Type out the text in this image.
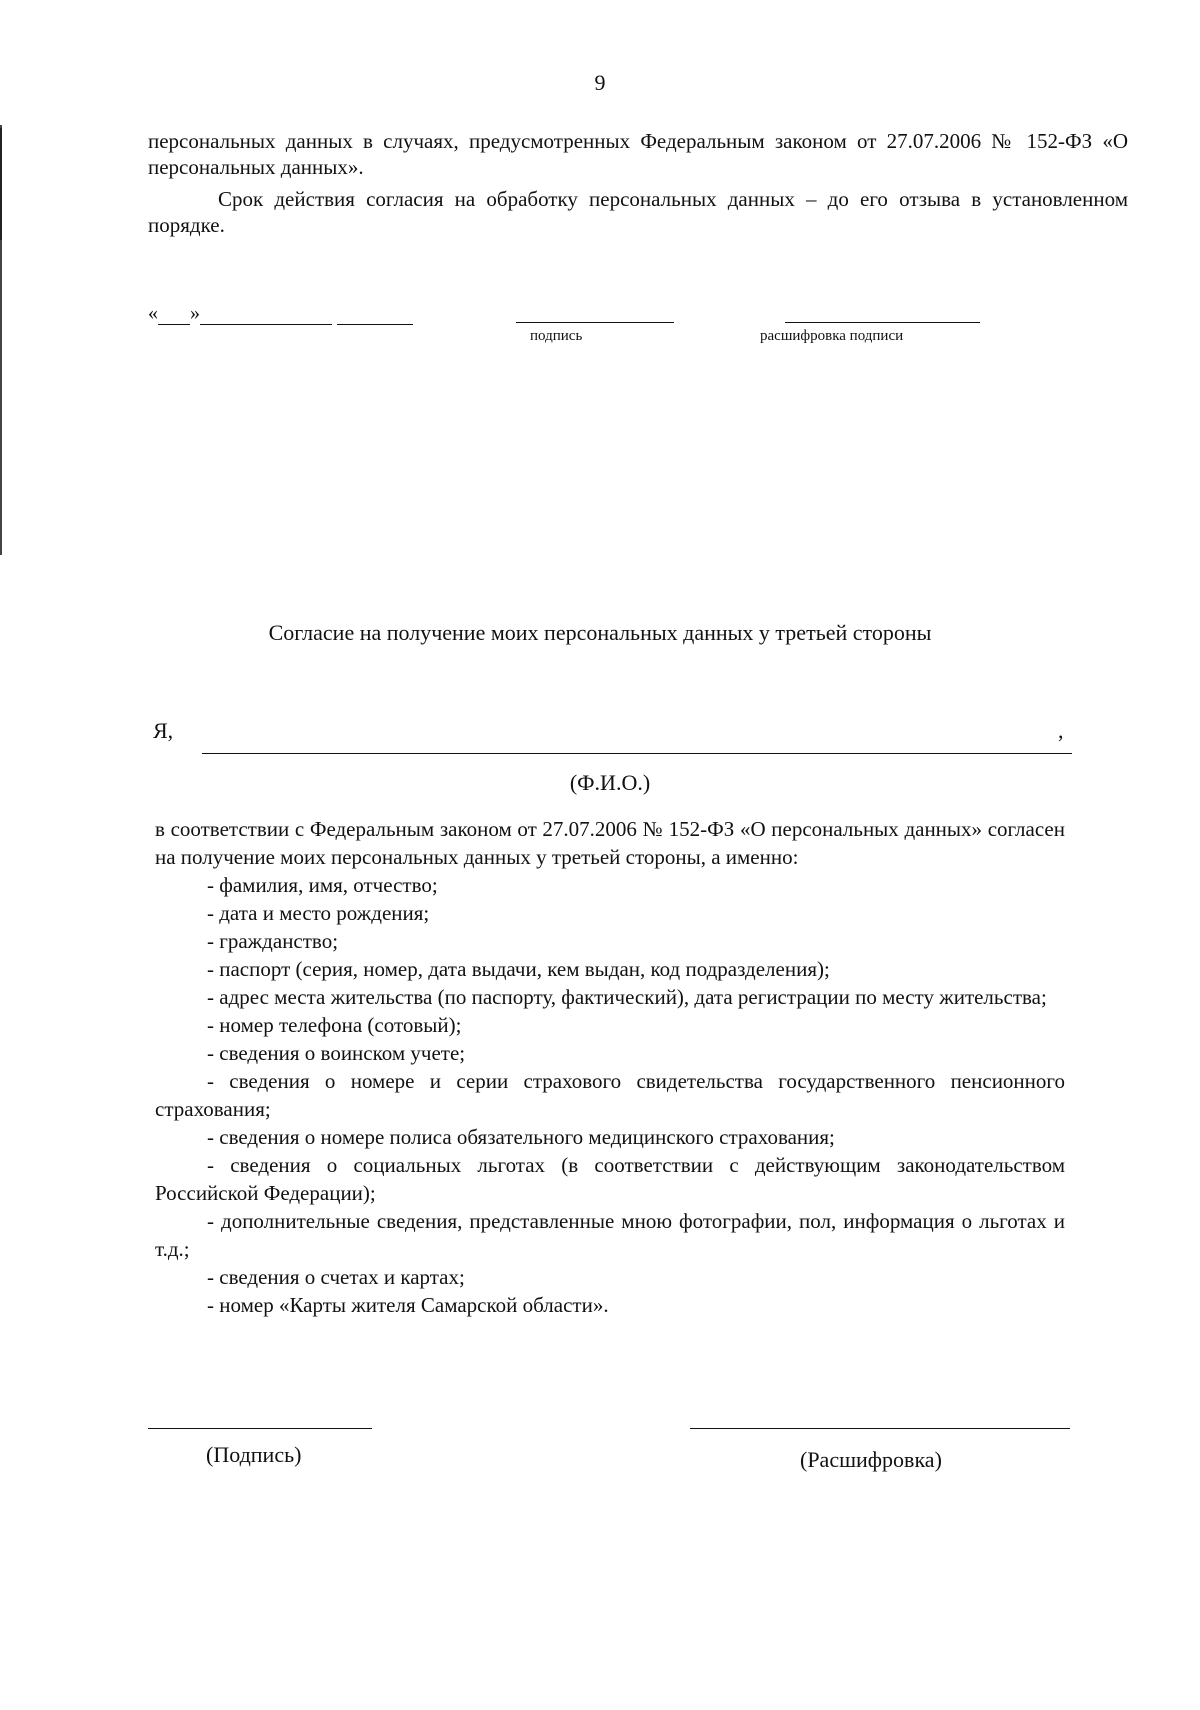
9

персональных данных в случаях, предусмотренных Федеральным законом от 27.07.2006 № 152-ФЗ «О персональных данных».

Срок действия согласия на обработку персональных данных – до его отзыва в установленном порядке.

« »
подпись	расшифровка подписи
Согласие на получение моих персональных данных у третьей стороны
Я,	,
(Ф.И.О.)

в соответствии с Федеральным законом от 27.07.2006 № 152-ФЗ «О персональных данных» согласен на получение моих персональных данных у третьей стороны, а именно:

- фамилия, имя, отчество;

- дата и место рождения;

- гражданство;

- паспорт (серия, номер, дата выдачи, кем выдан, код подразделения);

- адрес места жительства (по паспорту, фактический), дата регистрации по месту жительства;

- номер телефона (сотовый);

- сведения о воинском учете;

- сведения о номере и серии страхового свидетельства государственного пенсионного страхования;

- сведения о номере полиса обязательного медицинского страхования;

- сведения о социальных льготах (в соответствии с действующим законодательством Российской Федерации);

- дополнительные сведения, представленные мною фотографии, пол, информация о льготах и т.д.;

- сведения о счетах и картах;

- номер «Карты жителя Самарской области».

(Подпись)	(Расшифровка)
